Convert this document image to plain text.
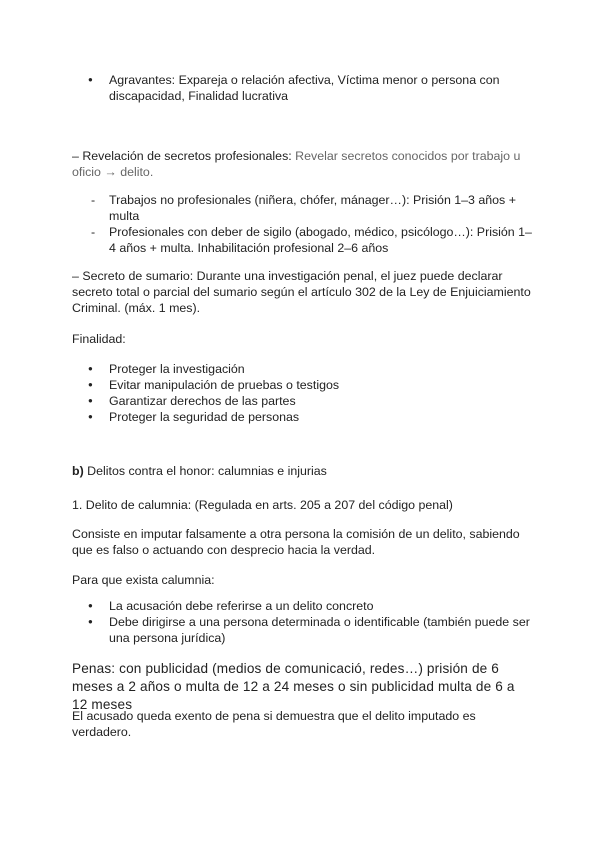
● Agravantes: Expareja o relación afectiva, Víctima menor o persona con discapacidad, Finalidad lucrativa

– Revelación de secretos profesionales: Revelar secretos conocidos por trabajo u oficio → delito.

- Trabajos no profesionales (niñera, chófer, mánager…): Prisión 1–3 años + multa
- Profesionales con deber de sigilo (abogado, médico, psicólogo…): Prisión 1–4 años + multa. Inhabilitación profesional 2–6 años

– Secreto de sumario: Durante una investigación penal, el juez puede declarar secreto total o parcial del sumario según el artículo 302 de la Ley de Enjuiciamiento Criminal. (máx. 1 mes).

Finalidad:

● Proteger la investigación
● Evitar manipulación de pruebas o testigos
● Garantizar derechos de las partes
● Proteger la seguridad de personas

b) Delitos contra el honor: calumnias e injurias

1. Delito de calumnia: (Regulada en arts. 205 a 207 del código penal)

Consiste en imputar falsamente a otra persona la comisión de un delito, sabiendo que es falso o actuando con desprecio hacia la verdad.

Para que exista calumnia:

● La acusación debe referirse a un delito concreto
● Debe dirigirse a una persona determinada o identificable (también puede ser una persona jurídica)

Penas: con publicidad (medios de comunicació, redes…) prisión de 6 meses a 2 años o multa de 12 a 24 meses o sin publicidad multa de 6 a 12 meses

El acusado queda exento de pena si demuestra que el delito imputado es verdadero.
